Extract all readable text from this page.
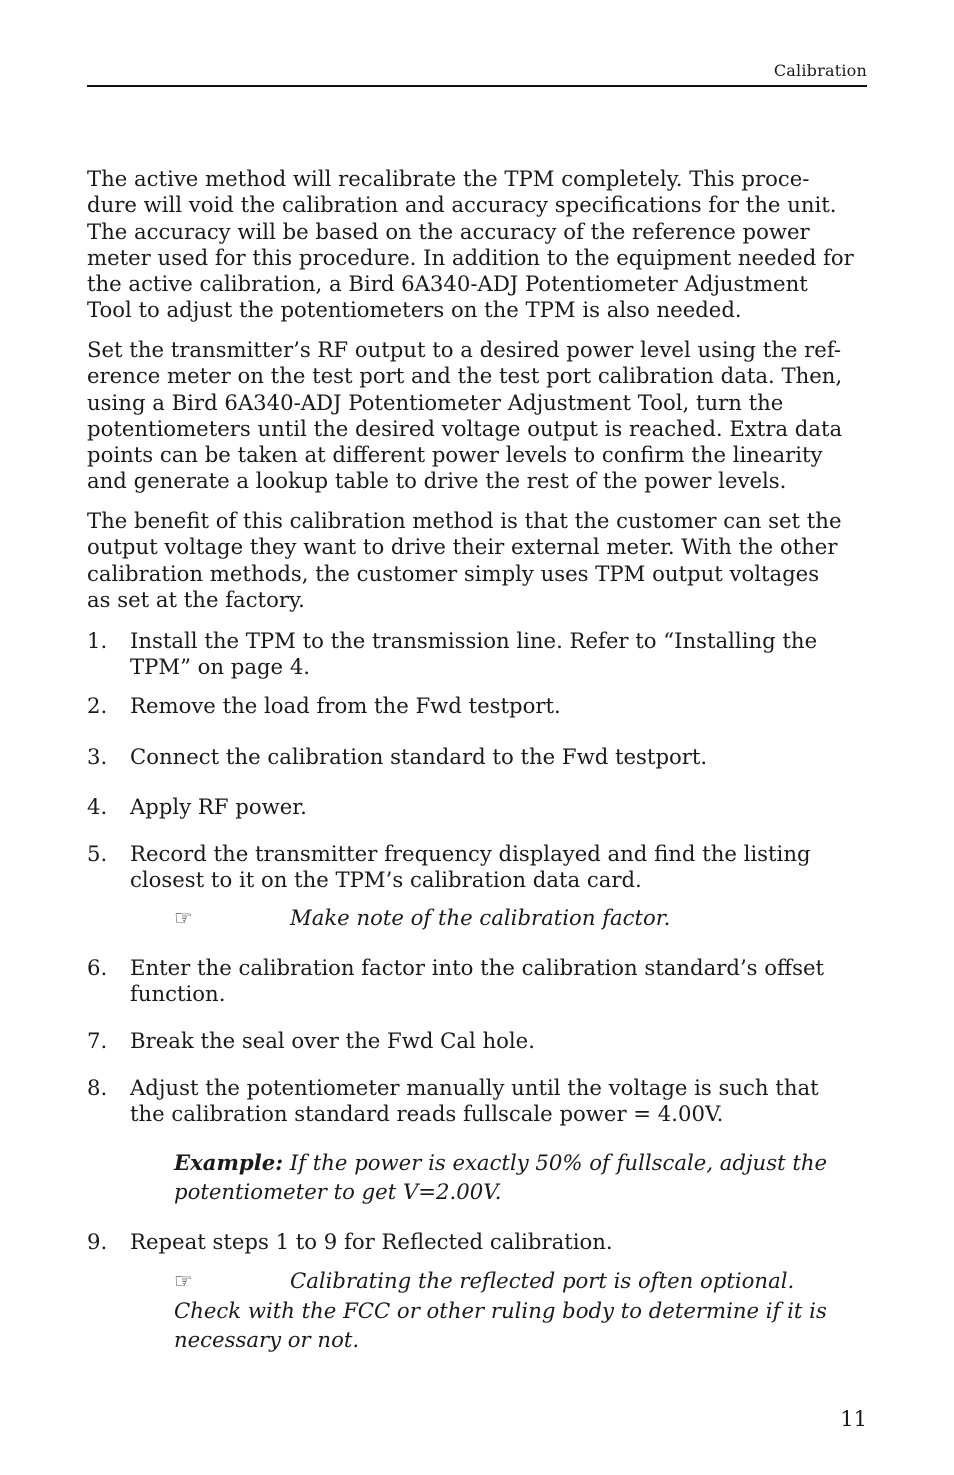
Calibration

The active method will recalibrate the TPM completely. This proce-
dure will void the calibration and accuracy specifications for the unit.
The accuracy will be based on the accuracy of the reference power
meter used for this procedure. In addition to the equipment needed for
the active calibration, a Bird 6A340-ADJ Potentiometer Adjustment
Tool to adjust the potentiometers on the TPM is also needed.

Set the transmitter’s RF output to a desired power level using the ref-
erence meter on the test port and the test port calibration data. Then,
using a Bird 6A340-ADJ Potentiometer Adjustment Tool, turn the
potentiometers until the desired voltage output is reached. Extra data
points can be taken at different power levels to confirm the linearity
and generate a lookup table to drive the rest of the power levels.

The benefit of this calibration method is that the customer can set the
output voltage they want to drive their external meter. With the other
calibration methods, the customer simply uses TPM output voltages
as set at the factory.

1. Install the TPM to the transmission line. Refer to “Installing the
TPM” on page 4.
2. Remove the load from the Fwd testport.
3. Connect the calibration standard to the Fwd testport.
4. Apply RF power.
5. Record the transmitter frequency displayed and find the listing
closest to it on the TPM’s calibration data card.
☞	Make note of the calibration factor.
6. Enter the calibration factor into the calibration standard’s offset
function.
7. Break the seal over the Fwd Cal hole.
8. Adjust the potentiometer manually until the voltage is such that
the calibration standard reads fullscale power = 4.00V.
Example: If the power is exactly 50% of fullscale, adjust the
potentiometer to get V=2.00V.
9. Repeat steps 1 to 9 for Reflected calibration.
☞	Calibrating the reflected port is often optional.
Check with the FCC or other ruling body to determine if it is
necessary or not.
11
